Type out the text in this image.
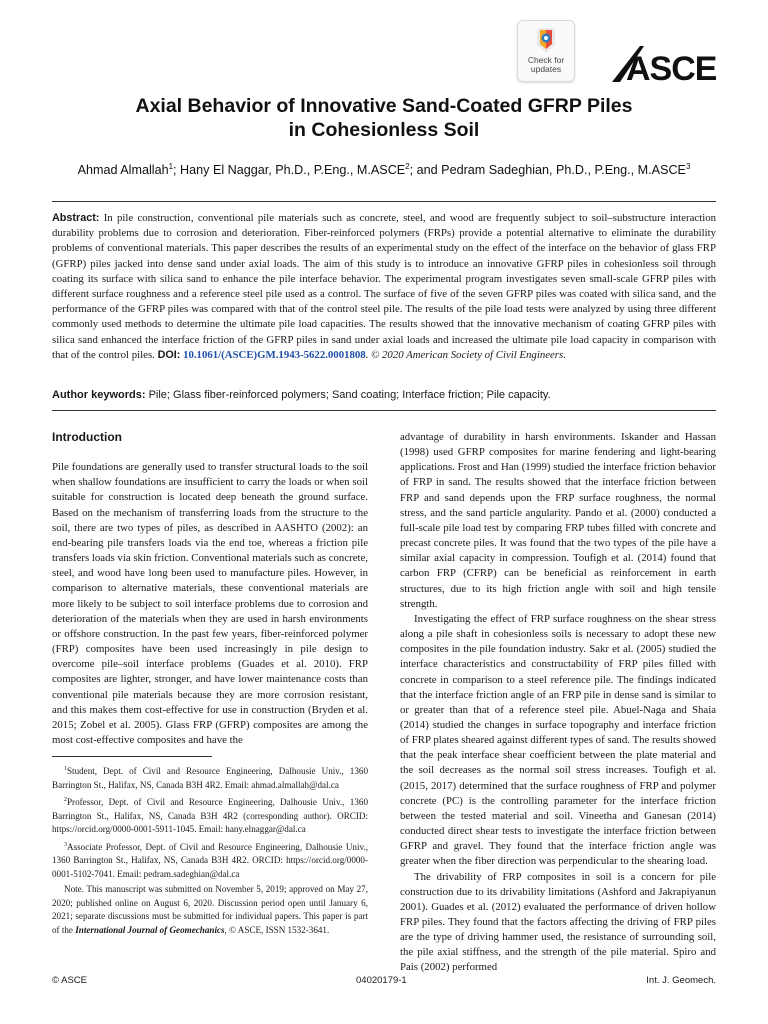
Check for
updates	ASCE
Axial Behavior of Innovative Sand-Coated GFRP Piles
in Cohesionless Soil
Ahmad Almallah$^1$; Hany El Naggar, Ph.D., P.Eng., M.ASCE$^2$; and Pedram Sadeghian, Ph.D., P.Eng., M.ASCE$^3$

Abstract: In pile construction, conventional pile materials such as concrete, steel, and wood are frequently subject to soil–substructure interaction durability problems due to corrosion and deterioration. Fiber-reinforced polymers (FRPs) provide a potential alternative to eliminate the durability problems of conventional materials. This paper describes the results of an experimental study on the effect of the interface on the behavior of glass FRP (GFRP) piles jacked into dense sand under axial loads. The aim of this study is to introduce an innovative GFRP piles in cohesionless soil through coating its surface with silica sand to enhance the pile interface behavior. The experimental program investigates seven small-scale GFRP piles with different surface roughness and a reference steel pile used as a control. The surface of five of the seven GFRP piles was coated with silica sand, and the performance of the GFRP piles was compared with that of the control steel pile. The results of the pile load tests were analyzed by using three different commonly used methods to determine the ultimate pile load capacities. The results showed that the innovative mechanism of coating GFRP piles with silica sand enhanced the interface friction of the GFRP piles in sand under axial loads and increased the ultimate pile load capacity in comparison with that of the control piles. DOI: 10.1061/(ASCE)GM.1943-5622.0001808. © 2020 American Society of Civil Engineers.

Author keywords: Pile; Glass fiber-reinforced polymers; Sand coating; Interface friction; Pile capacity.

Introduction

Pile foundations are generally used to transfer structural loads to the soil when shallow foundations are insufficient to carry the loads or when soil suitable for construction is located deep beneath the ground surface. Based on the mechanism of transferring loads from the structure to the soil, there are two types of piles, as described in AASHTO (2002): an end-bearing pile transfers loads via the end toe, whereas a friction pile transfers loads via skin friction. Conventional materials such as concrete, steel, and wood have long been used to manufacture piles. However, in comparison to alternative materials, these conventional materials are more likely to be subject to soil interface problems due to corrosion and deterioration of the materials when they are used in harsh environments or offshore construction. In the past few years, fiber-reinforced polymer (FRP) composites have been used increasingly in pile design to overcome pile–soil interface problems (Guades et al. 2010). FRP composites are lighter, stronger, and have lower maintenance costs than conventional pile materials because they are more corrosion resistant, and this makes them cost-effective for use in construction (Bryden et al. 2015; Zobel et al. 2005). Glass FRP (GFRP) composites are among the most cost-effective composites and have the

advantage of durability in harsh environments. Iskander and Hassan (1998) used GFRP composites for marine fendering and light-bearing applications. Frost and Han (1999) studied the interface friction behavior of FRP in sand. The results showed that the interface friction between FRP and sand depends upon the FRP surface roughness, the normal stress, and the sand particle angularity. Pando et al. (2000) conducted a full-scale pile load test by comparing FRP tubes filled with concrete and precast concrete piles. It was found that the two types of the pile have a similar axial capacity in compression. Toufigh et al. (2014) found that carbon FRP (CFRP) can be beneficial as reinforcement in earth structures, due to its high friction angle with soil and high tensile strength.

Investigating the effect of FRP surface roughness on the shear stress along a pile shaft in cohesionless soils is necessary to adopt these new composites in the pile foundation industry. Sakr et al. (2005) studied the interface characteristics and constructability of FRP piles filled with concrete in comparison to a steel reference pile. The findings indicated that the interface friction angle of an FRP pile in dense sand is similar to or greater than that of a reference steel pile. Abuel-Naga and Shaia (2014) studied the changes in surface topography and interface friction of FRP plates sheared against different types of sand. The results showed that the peak interface shear coefficient between the plate material and the soil decreases as the normal soil stress increases. Toufigh et al. (2015, 2017) determined that the surface roughness of FRP and polymer concrete (PC) is the controlling parameter for the interface friction between the tested material and soil. Vineetha and Ganesan (2014) conducted direct shear tests to investigate the interface friction between GFRP and gravel. They found that the interface friction angle was greater when the fiber direction was perpendicular to the shearing load.

The drivability of FRP composites in soil is a concern for pile construction due to its drivability limitations (Ashford and Jakrapiyanun 2001). Guades et al. (2012) evaluated the performance of driven hollow FRP piles. They found that the factors affecting the driving of FRP piles are the type of driving hammer used, the resistance of surrounding soil, the pile axial stiffness, and the strength of the pile material. Spiro and Pais (2002) performed

$^1$Student, Dept. of Civil and Resource Engineering, Dalhousie Univ., 1360 Barrington St., Halifax, NS, Canada B3H 4R2. Email: ahmad.almallah@dal.ca

$^2$Professor, Dept. of Civil and Resource Engineering, Dalhousie Univ., 1360 Barrington St., Halifax, NS, Canada B3H 4R2 (corresponding author). ORCID: https://orcid.org/0000-0001-5911-1045. Email: hany.elnaggar@dal.ca

$^3$Associate Professor, Dept. of Civil and Resource Engineering, Dalhousie Univ., 1360 Barrington St., Halifax, NS, Canada B3H 4R2. ORCID: https://orcid.org/0000-0001-5102-7041. Email: pedram.sadeghian@dal.ca

Note. This manuscript was submitted on November 5, 2019; approved on May 27, 2020; published online on August 6, 2020. Discussion period open until January 6, 2021; separate discussions must be submitted for individual papers. This paper is part of the International Journal of Geomechanics, © ASCE, ISSN 1532-3641.

© ASCE	04020179-1	Int. J. Geomech.
